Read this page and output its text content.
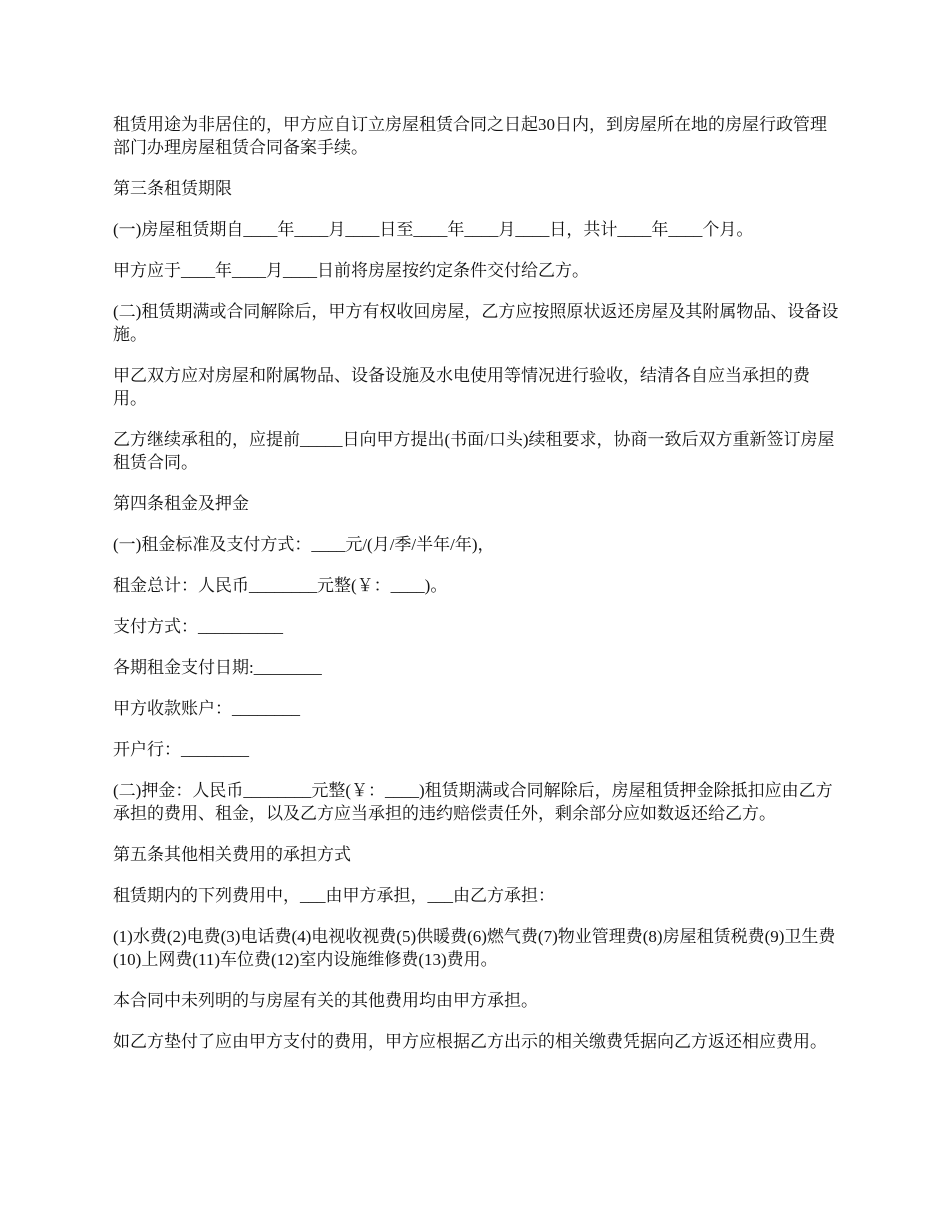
租赁用途为非居住的，甲方应自订立房屋租赁合同之日起30日内，到房屋所在地的房屋行政管理部门办理房屋租赁合同备案手续。

第三条租赁期限

(一)房屋租赁期自____年____月____日至____年____月____日，共计____年____个月。

甲方应于____年____月____日前将房屋按约定条件交付给乙方。

(二)租赁期满或合同解除后，甲方有权收回房屋，乙方应按照原状返还房屋及其附属物品、设备设施。

甲乙双方应对房屋和附属物品、设备设施及水电使用等情况进行验收，结清各自应当承担的费用。

乙方继续承租的，应提前_____日向甲方提出(书面/口头)续租要求，协商一致后双方重新签订房屋租赁合同。

第四条租金及押金

(一)租金标准及支付方式：____元/(月/季/半年/年)，

租金总计：人民币________元整(￥：____)。

支付方式：__________

各期租金支付日期:________

甲方收款账户：________

开户行：________

(二)押金：人民币________元整(￥：____)租赁期满或合同解除后，房屋租赁押金除抵扣应由乙方承担的费用、租金，以及乙方应当承担的违约赔偿责任外，剩余部分应如数返还给乙方。

第五条其他相关费用的承担方式

租赁期内的下列费用中，___由甲方承担，___由乙方承担：

(1)水费(2)电费(3)电话费(4)电视收视费(5)供暖费(6)燃气费(7)物业管理费(8)房屋租赁税费(9)卫生费(10)上网费(11)车位费(12)室内设施维修费(13)费用。

本合同中未列明的与房屋有关的其他费用均由甲方承担。

如乙方垫付了应由甲方支付的费用，甲方应根据乙方出示的相关缴费凭据向乙方返还相应费用。
